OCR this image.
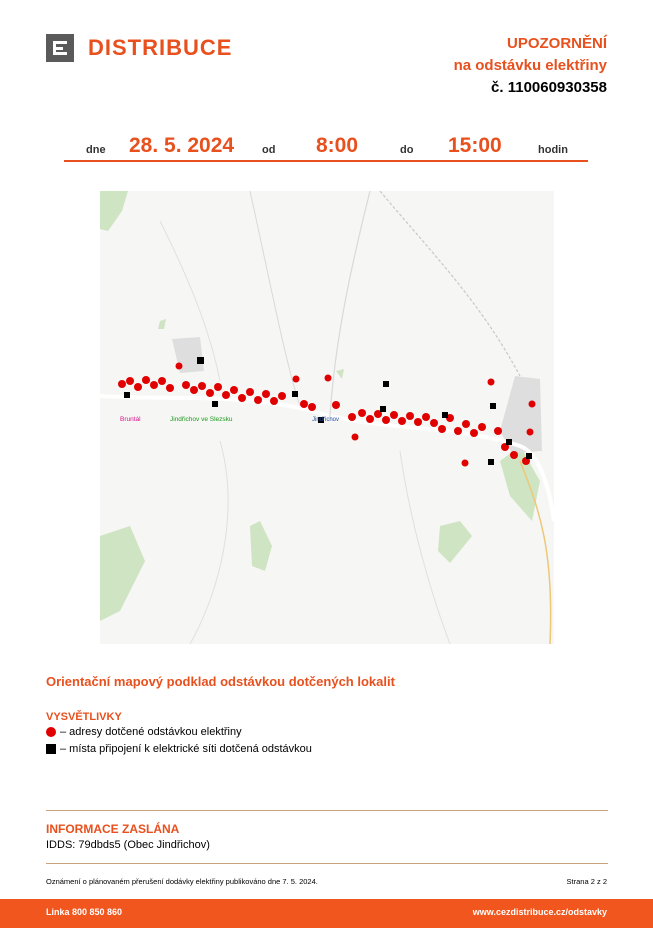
DISTRIBUCE	UPOZORNĚNÍ
na odstávku elektřiny
č. 110060930358
dne 28. 5. 2024	od 8:00	do 15:00	hodin
Bruntál	Jindřichov ve Slezsku	Jindřichov
Orientační mapový podklad odstávkou dotčených lokalit
VYSVĚTLIVKY
– adresy dotčené odstávkou elektřiny
– místa připojení k elektrické síti dotčená odstávkou
INFORMACE ZASLÁNA
IDDS: 79dbds5 (Obec Jindřichov)
Oznámení o plánovaném přerušení dodávky elektřiny publikováno dne 7. 5. 2024.	Strana 2 z 2
Linka 800 850 860	www.cezdistribuce.cz/odstavky
